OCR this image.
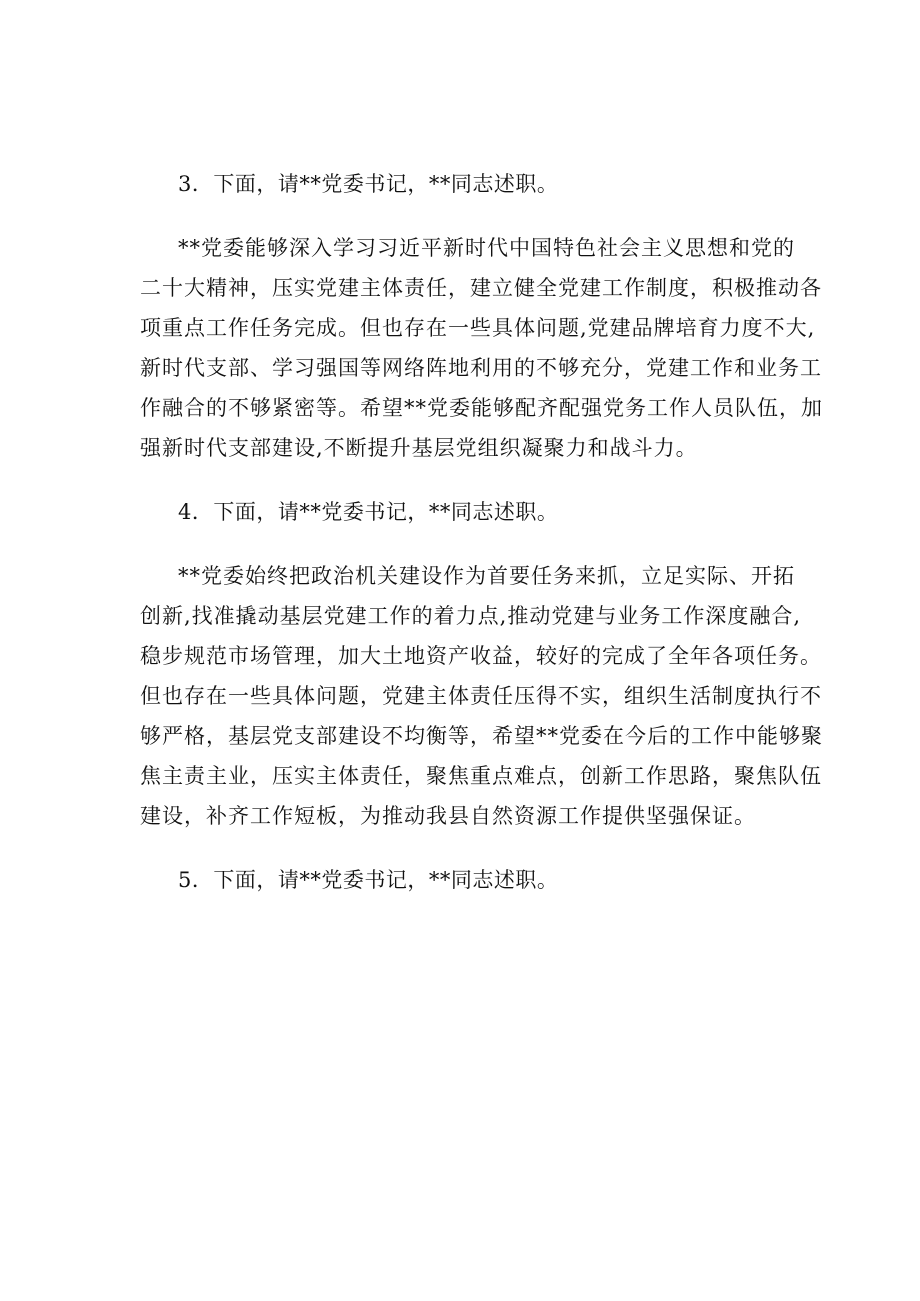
3．下面，请**党委书记，**同志述职。

**党委能够深入学习习近平新时代中国特色社会主义思想和党的
二十大精神，压实党建主体责任，建立健全党建工作制度，积极推动各
项重点工作任务完成。但也存在一些具体问题,党建品牌培育力度不大,
新时代支部、学习强国等网络阵地利用的不够充分，党建工作和业务工
作融合的不够紧密等。希望**党委能够配齐配强党务工作人员队伍，加
强新时代支部建设,不断提升基层党组织凝聚力和战斗力。

4．下面，请**党委书记，**同志述职。

**党委始终把政治机关建设作为首要任务来抓，立足实际、开拓
创新,找准撬动基层党建工作的着力点,推动党建与业务工作深度融合,
稳步规范市场管理，加大土地资产收益，较好的完成了全年各项任务。
但也存在一些具体问题，党建主体责任压得不实，组织生活制度执行不
够严格，基层党支部建设不均衡等，希望**党委在今后的工作中能够聚
焦主责主业，压实主体责任，聚焦重点难点，创新工作思路，聚焦队伍
建设，补齐工作短板，为推动我县自然资源工作提供坚强保证。

5．下面，请**党委书记，**同志述职。
